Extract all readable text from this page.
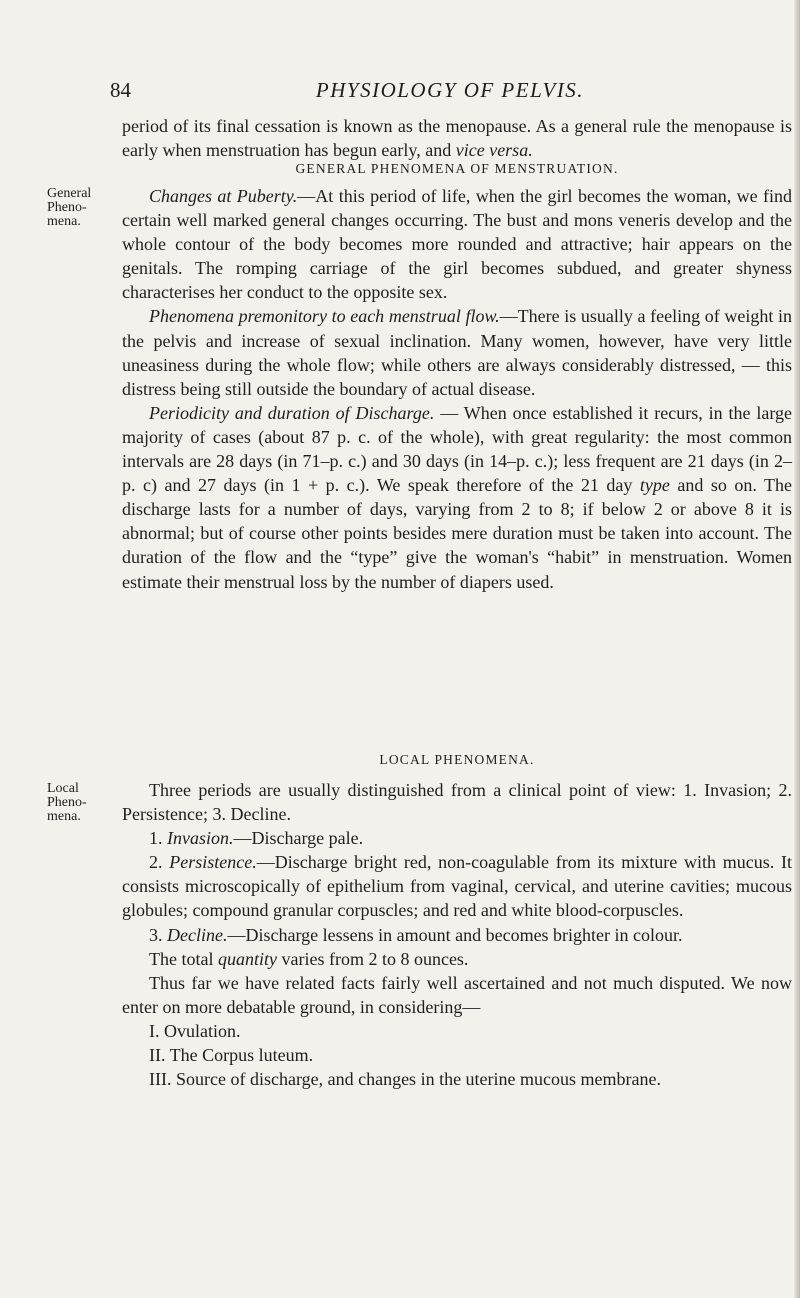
84	PHYSIOLOGY OF PELVIS.

period of its final cessation is known as the menopause. As a general rule the menopause is early when menstruation has begun early, and vice versa.

General Pheno- mena.

GENERAL PHENOMENA OF MENSTRUATION.

Changes at Puberty.—At this period of life, when the girl becomes the woman, we find certain well marked general changes occurring. The bust and mons veneris develop and the whole contour of the body becomes more rounded and attractive; hair appears on the genitals. The romping carriage of the girl becomes subdued, and greater shyness characterises her conduct to the opposite sex.

Phenomena premonitory to each menstrual flow.—There is usually a feeling of weight in the pelvis and increase of sexual inclination. Many women, however, have very little uneasiness during the whole flow; while others are always considerably distressed, — this distress being still outside the boundary of actual disease.

Periodicity and duration of Discharge. — When once established it recurs, in the large majority of cases (about 87 p. c. of the whole), with great regularity: the most common intervals are 28 days (in 71–p. c.) and 30 days (in 14–p. c.); less frequent are 21 days (in 2–p. c) and 27 days (in 1 + p. c.). We speak therefore of the 21 day type and so on. The discharge lasts for a number of days, varying from 2 to 8; if below 2 or above 8 it is abnormal; but of course other points besides mere duration must be taken into account. The duration of the flow and the “type” give the woman's “habit” in menstruation. Women estimate their menstrual loss by the number of diapers used.

Local Pheno- mena.

LOCAL PHENOMENA.

Three periods are usually distinguished from a clinical point of view: 1. Invasion; 2. Persistence; 3. Decline.

1. Invasion.—Discharge pale.

2. Persistence.—Discharge bright red, non-coagulable from its mixture with mucus. It consists microscopically of epithelium from vaginal, cervical, and uterine cavities; mucous globules; compound granular corpuscles; and red and white blood-corpuscles.

3. Decline.—Discharge lessens in amount and becomes brighter in colour.

The total quantity varies from 2 to 8 ounces.

Thus far we have related facts fairly well ascertained and not much disputed. We now enter on more debatable ground, in considering—

I. Ovulation.

II. The Corpus luteum.

III. Source of discharge, and changes in the uterine mucous membrane.
